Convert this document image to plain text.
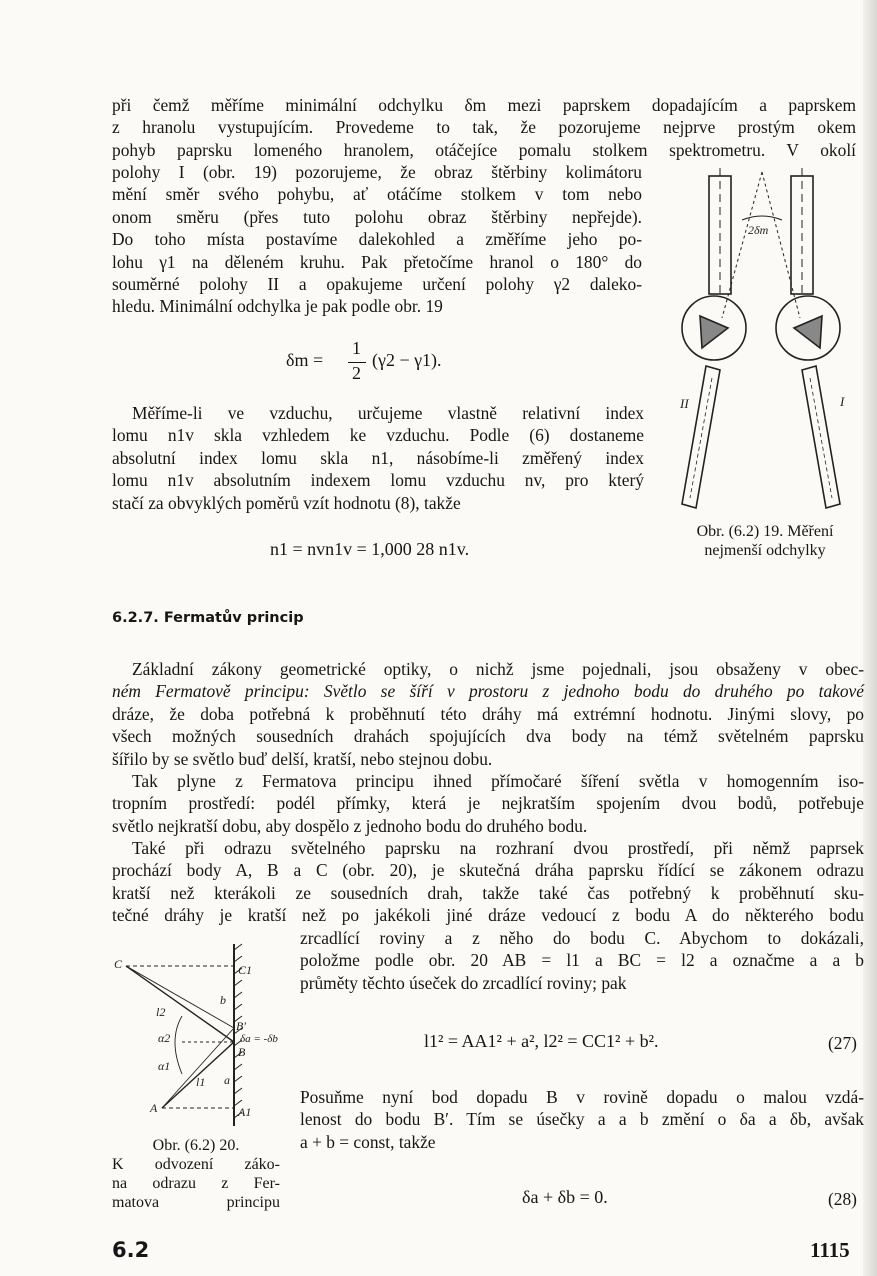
při čemž měříme minimální odchylku δm mezi paprskem dopadajícím a paprskem
z hranolu vystupujícím. Provedeme to tak, že pozorujeme nejprve prostým okem
pohyb paprsku lomeného hranolem, otáčejíce pomalu stolkem spektrometru. V okolí
polohy I (obr. 19) pozorujeme, že obraz štěrbiny kolimátoru
mění směr svého pohybu, ať otáčíme stolkem v tom nebo
onom směru (přes tuto polohu obraz štěrbiny nepřejde).
Do toho místa postavíme dalekohled a změříme jeho po-
lohu γ1 na děleném kruhu. Pak přetočíme hranol o 180° do
souměrné polohy II a opakujeme určení polohy γ2 daleko-
hledu. Minimální odchylka je pak podle obr. 19
δm =
1
2
(γ2 − γ1).
Měříme-li ve vzduchu, určujeme vlastně relativní index
lomu n1v skla vzhledem ke vzduchu. Podle (6) dostaneme
absolutní index lomu skla n1, násobíme-li změřený index
lomu n1v absolutním indexem lomu vzduchu nv, pro který
stačí za obvyklých poměrů vzít hodnotu (8), takže
n1 = nvn1v = 1,000 28 n1v.
2δm
II	I
Obr. (6.2) 19. Měření
nejmenší odchylky
6.2.7. Fermatův princip
Základní zákony geometrické optiky, o nichž jsme pojednali, jsou obsaženy v obec-
ném Fermatově principu: Světlo se šíří v prostoru z jednoho bodu do druhého po takové
dráze, že doba potřebná k proběhnutí této dráhy má extrémní hodnotu. Jinými slovy, po
všech možných sousedních drahách spojujících dva body na témž světelném paprsku
šířilo by se světlo buď delší, kratší, nebo stejnou dobu.
Tak plyne z Fermatova principu ihned přímočaré šíření světla v homogenním iso-
tropním prostředí: podél přímky, která je nejkratším spojením dvou bodů, potřebuje
světlo nejkratší dobu, aby dospělo z jednoho bodu do druhého bodu.
Také při odrazu světelného paprsku na rozhraní dvou prostředí, při němž paprsek
prochází body A, B a C (obr. 20), je skutečná dráha paprsku řídící se zákonem odrazu
kratší než kterákoli ze sousedních drah, takže také čas potřebný k proběhnutí sku-
tečné dráhy je kratší než po jakékoli jiné dráze vedoucí z bodu A do některého bodu
zrcadlící roviny a z něho do bodu C. Abychom to dokázali,
položme podle obr. 20 AB = l1 a BC = l2 a označme a a b
průměty těchto úseček do zrcadlící roviny; pak
l1² = AA1² + a², l2² = CC1² + b².	(27)
Posuňme nyní bod dopadu B v rovině dopadu o malou vzdá-
lenost do bodu B′. Tím se úsečky a a b změní o δa a δb, avšak
a + b = const, takže
δa + δb = 0.	(28)
C	C1
b
l2
B′
δa = -δb
α2
B
α1
l1 a
A	A1
Obr. (6.2) 20.
K odvození záko-
na odrazu z Fer-
matova principu
6.2	1115
